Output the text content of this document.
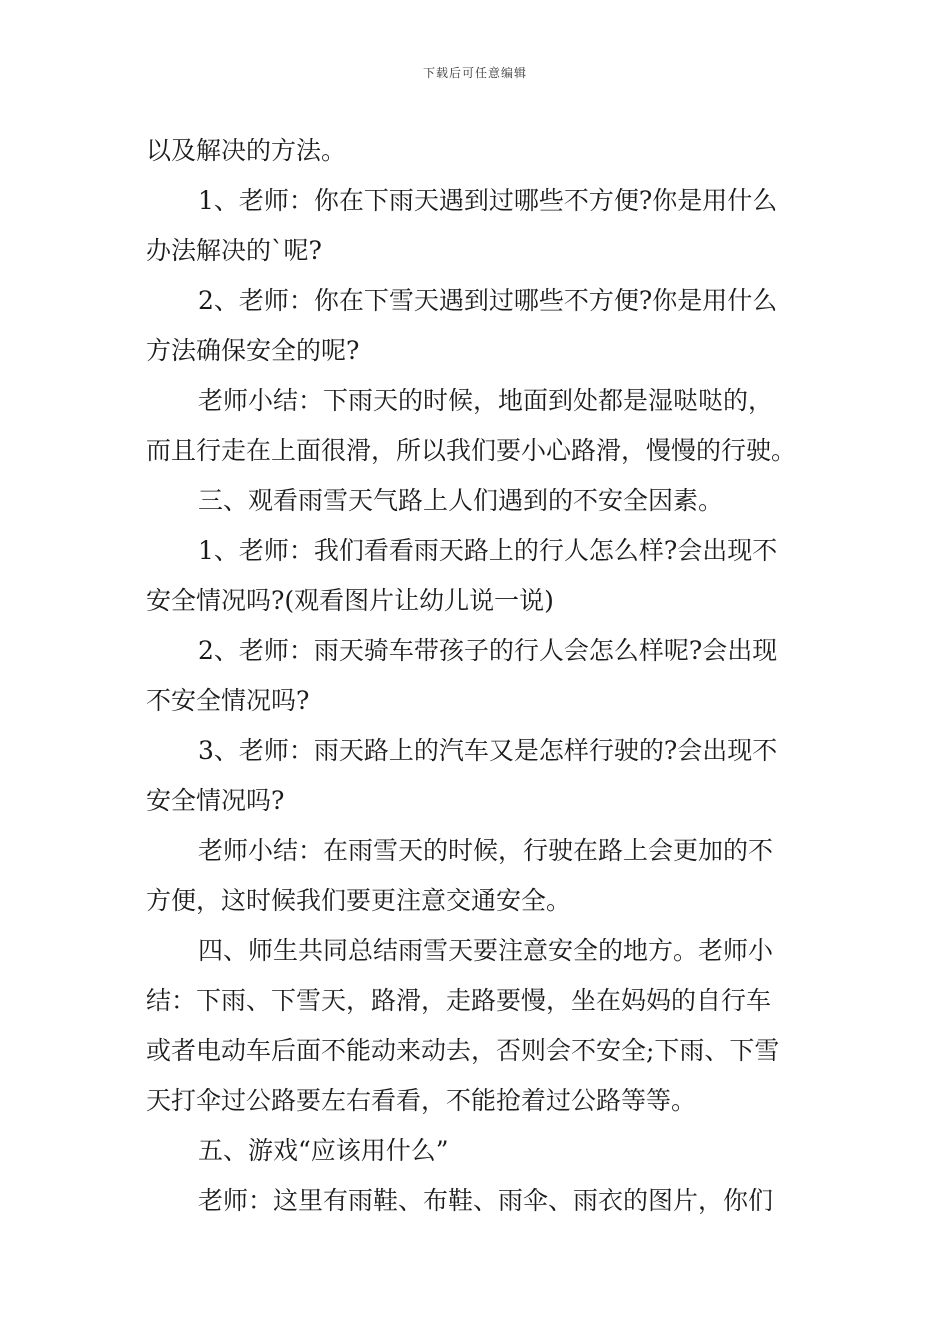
下载后可任意编辑
以及解决的方法。
1、老师：你在下雨天遇到过哪些不方便?你是用什么
办法解决的`呢?
2、老师：你在下雪天遇到过哪些不方便?你是用什么
方法确保安全的呢?
老师小结：下雨天的时候，地面到处都是湿哒哒的，
而且行走在上面很滑，所以我们要小心路滑，慢慢的行驶。
三、观看雨雪天气路上人们遇到的不安全因素。
1、老师：我们看看雨天路上的行人怎么样?会出现不
安全情况吗?(观看图片让幼儿说一说)
2、老师：雨天骑车带孩子的行人会怎么样呢?会出现
不安全情况吗?
3、老师：雨天路上的汽车又是怎样行驶的?会出现不
安全情况吗?
老师小结：在雨雪天的时候，行驶在路上会更加的不
方便，这时候我们要更注意交通安全。
四、师生共同总结雨雪天要注意安全的地方。老师小
结：下雨、下雪天，路滑，走路要慢，坐在妈妈的自行车
或者电动车后面不能动来动去，否则会不安全;下雨、下雪
天打伞过公路要左右看看，不能抢着过公路等等。
五、游戏“应该用什么”
老师：这里有雨鞋、布鞋、雨伞、雨衣的图片，你们
